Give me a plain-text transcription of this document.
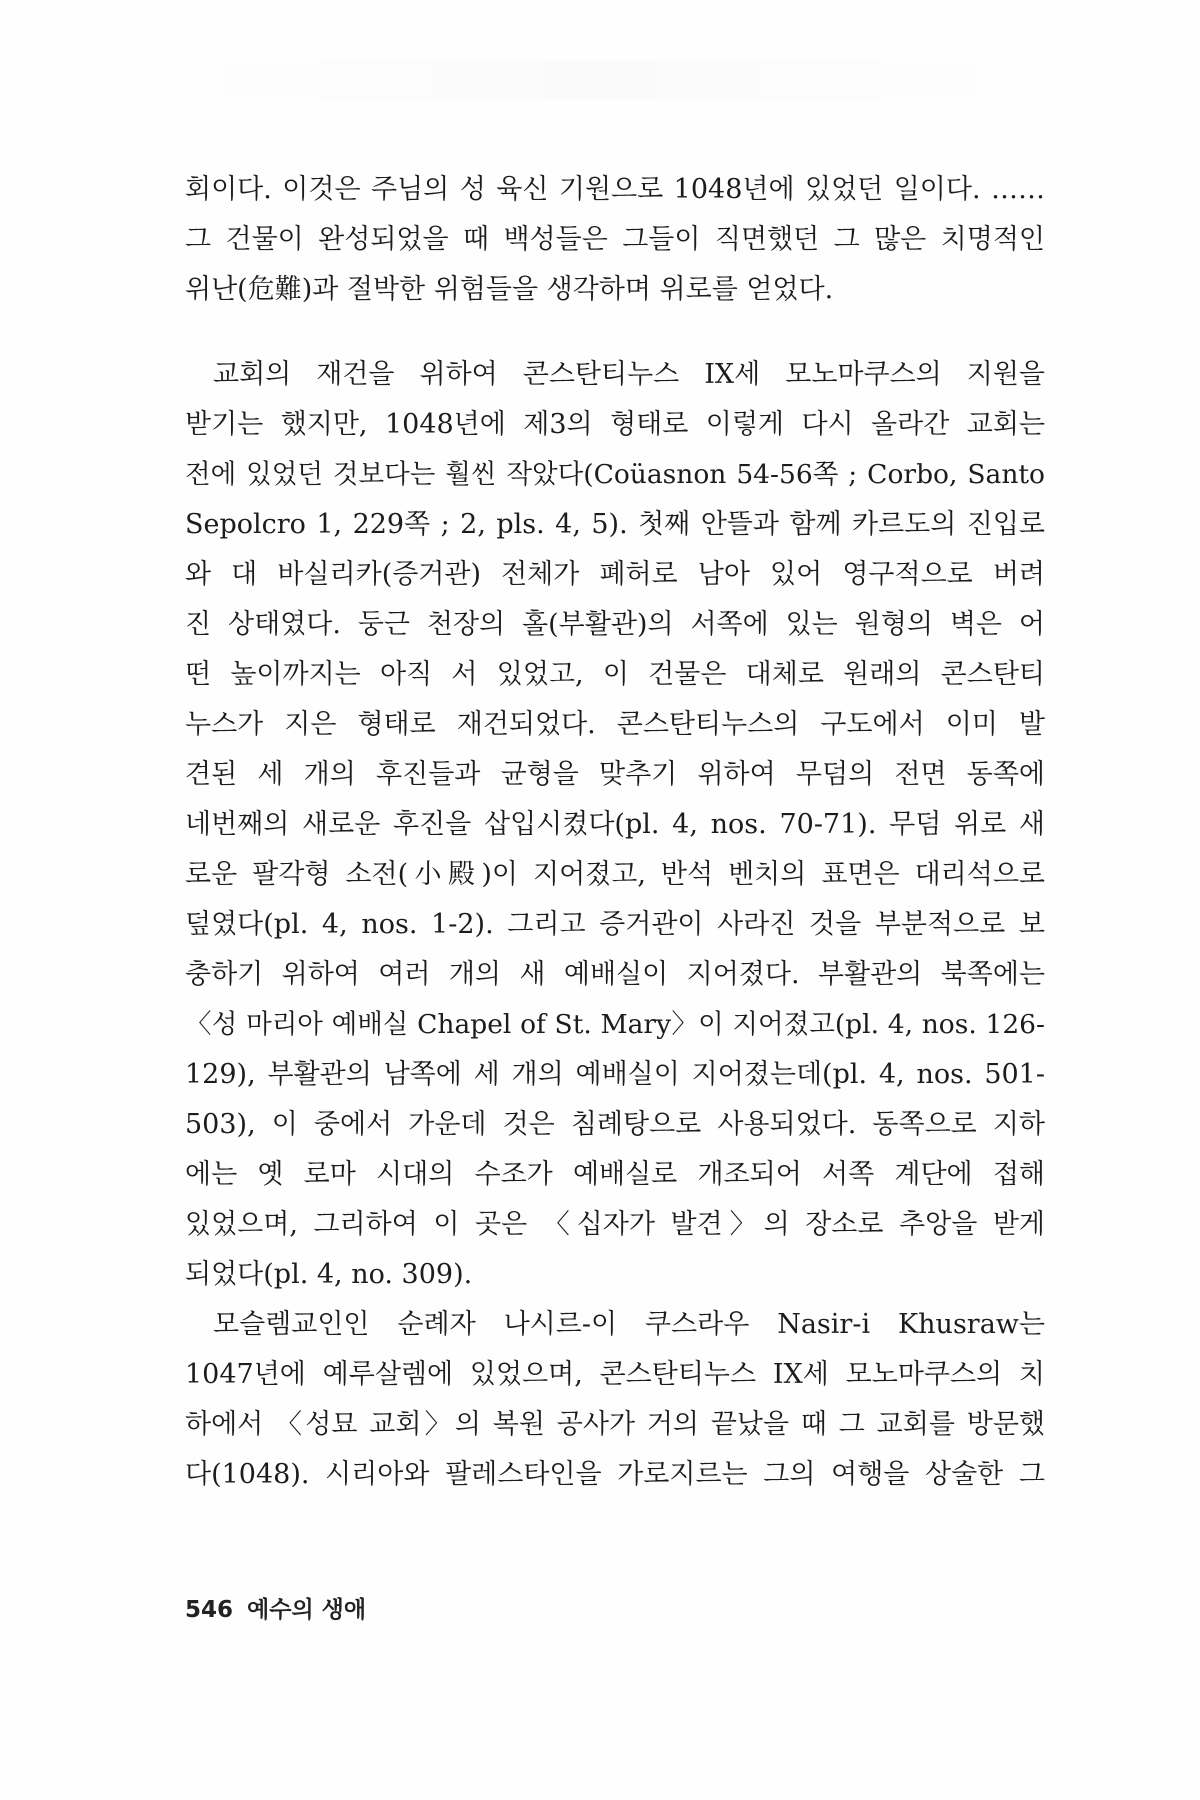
회이다. 이것은 주님의 성 육신 기원으로 1048년에 있었던 일이다. ……
그 건물이 완성되었을 때 백성들은 그들이 직면했던 그 많은 치명적인
위난(危難)과 절박한 위험들을 생각하며 위로를 얻었다.
교회의 재건을 위하여 콘스탄티누스 IX세 모노마쿠스의 지원을
받기는 했지만, 1048년에 제3의 형태로 이렇게 다시 올라간 교회는
전에 있었던 것보다는 훨씬 작았다(Coüasnon 54-56쪽 ; Corbo, Santo
Sepolcro 1, 229쪽 ; 2, pls. 4, 5). 첫째 안뜰과 함께 카르도의 진입로
와 대 바실리카(증거관) 전체가 폐허로 남아 있어 영구적으로 버려
진 상태였다. 둥근 천장의 홀(부활관)의 서쪽에 있는 원형의 벽은 어
떤 높이까지는 아직 서 있었고, 이 건물은 대체로 원래의 콘스탄티
누스가 지은 형태로 재건되었다. 콘스탄티누스의 구도에서 이미 발
견된 세 개의 후진들과 균형을 맞추기 위하여 무덤의 전면 동쪽에
네번째의 새로운 후진을 삽입시켰다(pl. 4, nos. 70-71). 무덤 위로 새
로운 팔각형 소전(小殿)이 지어졌고, 반석 벤치의 표면은 대리석으로
덮였다(pl. 4, nos. 1-2). 그리고 증거관이 사라진 것을 부분적으로 보
충하기 위하여 여러 개의 새 예배실이 지어졌다. 부활관의 북쪽에는
〈성 마리아 예배실 Chapel of St. Mary〉이 지어졌고(pl. 4, nos. 126-
129), 부활관의 남쪽에 세 개의 예배실이 지어졌는데(pl. 4, nos. 501-
503), 이 중에서 가운데 것은 침례탕으로 사용되었다. 동쪽으로 지하
에는 옛 로마 시대의 수조가 예배실로 개조되어 서쪽 계단에 접해
있었으며, 그리하여 이 곳은 〈십자가 발견〉의 장소로 추앙을 받게
되었다(pl. 4, no. 309).
모슬렘교인인 순례자 나시르-이 쿠스라우 Nasir-i Khusraw는
1047년에 예루살렘에 있었으며, 콘스탄티누스 IX세 모노마쿠스의 치
하에서 〈성묘 교회〉의 복원 공사가 거의 끝났을 때 그 교회를 방문했
다(1048). 시리아와 팔레스타인을 가로지르는 그의 여행을 상술한 그
546 예수의 생애
